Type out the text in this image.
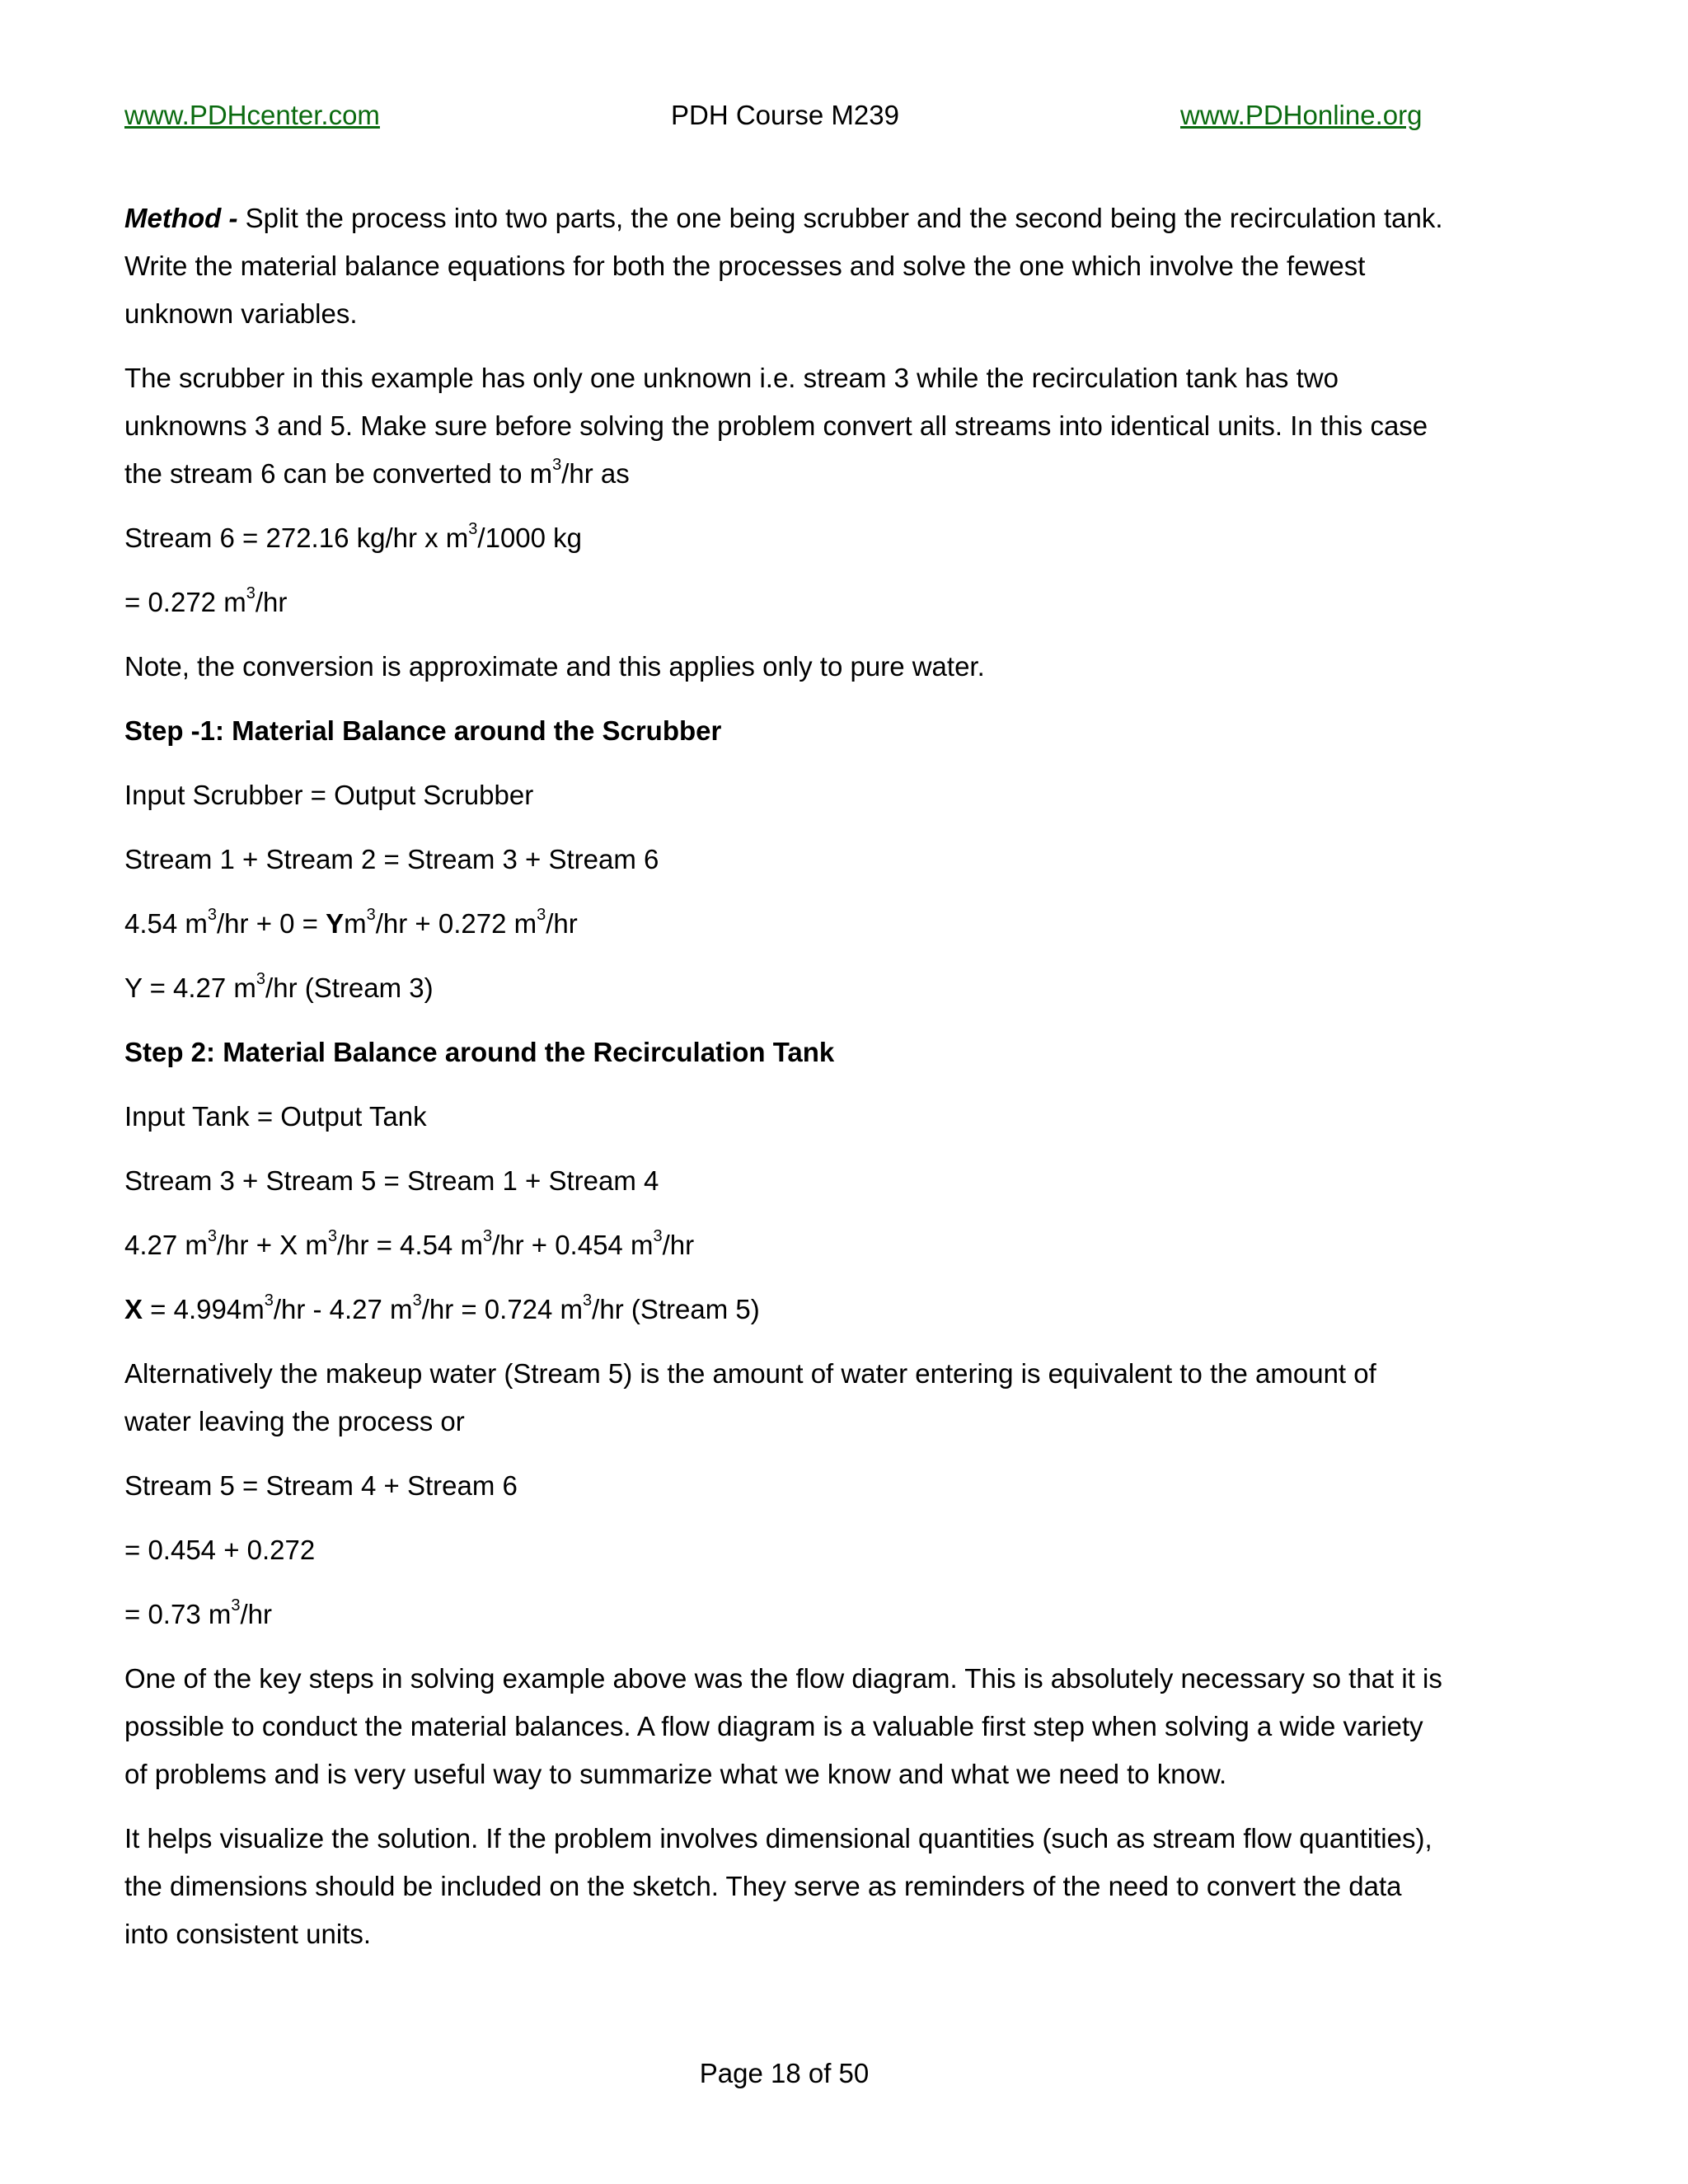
www.PDHcenter.com	PDH Course M239	www.PDHonline.org

Method - Split the process into two parts, the one being scrubber and the second being the recirculation tank. Write the material balance equations for both the processes and solve the one which involve the fewest unknown variables.

The scrubber in this example has only one unknown i.e. stream 3 while the recirculation tank has two unknowns 3 and 5. Make sure before solving the problem convert all streams into identical units. In this case the stream 6 can be converted to $m^3/hr$ as

Stream 6 = 272.16 kg/hr x $m^3/1000$ kg

= 0.272 $m^3/hr$

Note, the conversion is approximate and this applies only to pure water.

Step -1: Material Balance around the Scrubber

Input Scrubber = Output Scrubber

Stream 1 + Stream 2 = Stream 3 + Stream 6

4.54 $m^3/hr + 0 = Ym^3/hr + 0.272$ $m^3/hr$

Y = 4.27 $m^3/hr$ (Stream 3)

Step 2: Material Balance around the Recirculation Tank

Input Tank = Output Tank

Stream 3 + Stream 5 = Stream 1 + Stream 4

4.27 $m^3/hr + X$ $m^3/hr = 4.54$ $m^3/hr + 0.454$ $m^3/hr$

$X = 4.994m^3/hr - 4.27$ $m^3/hr = 0.724$ $m^3/hr$ (Stream 5)

Alternatively the makeup water (Stream 5) is the amount of water entering is equivalent to the amount of water leaving the process or

Stream 5 = Stream 4 + Stream 6

= 0.454 + 0.272

= 0.73 $m^3/hr$

One of the key steps in solving example above was the flow diagram. This is absolutely necessary so that it is possible to conduct the material balances. A flow diagram is a valuable first step when solving a wide variety of problems and is very useful way to summarize what we know and what we need to know.

It helps visualize the solution. If the problem involves dimensional quantities (such as stream flow quantities), the dimensions should be included on the sketch. They serve as reminders of the need to convert the data into consistent units.

Page 18 of 50
